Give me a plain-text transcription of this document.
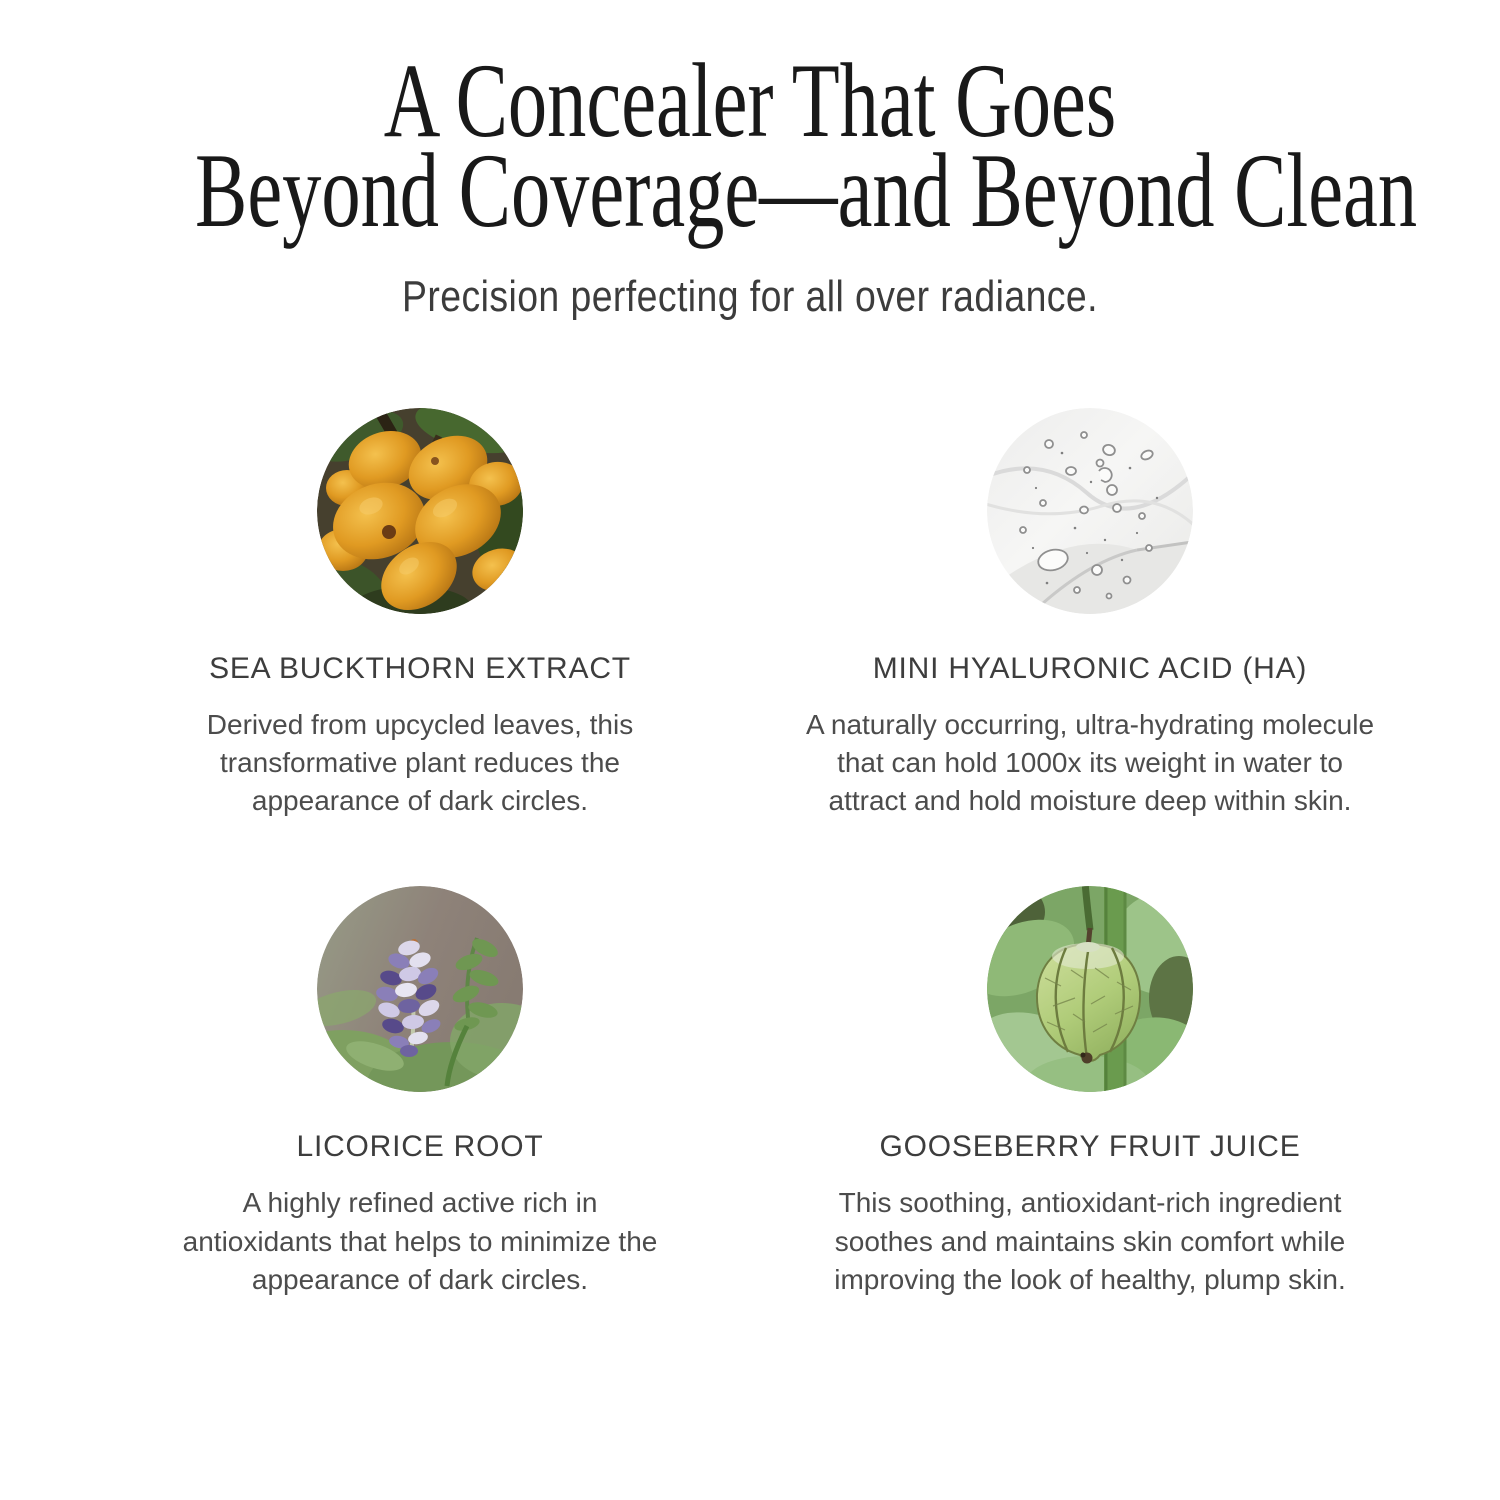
A Concealer That Goes
Beyond Coverage—and Beyond Clean

Precision perfecting for all over radiance.

SEA BUCKTHORN EXTRACT

Derived from upcycled leaves, this transformative plant reduces the appearance of dark circles.

MINI HYALURONIC ACID (HA)

A naturally occurring, ultra-hydrating molecule that can hold 1000x its weight in water to attract and hold moisture deep within skin.

LICORICE ROOT

A highly refined active rich in antioxidants that helps to minimize the appearance of dark circles.

GOOSEBERRY FRUIT JUICE

This soothing, antioxidant-rich ingredient soothes and maintains skin comfort while improving the look of healthy, plump skin.
